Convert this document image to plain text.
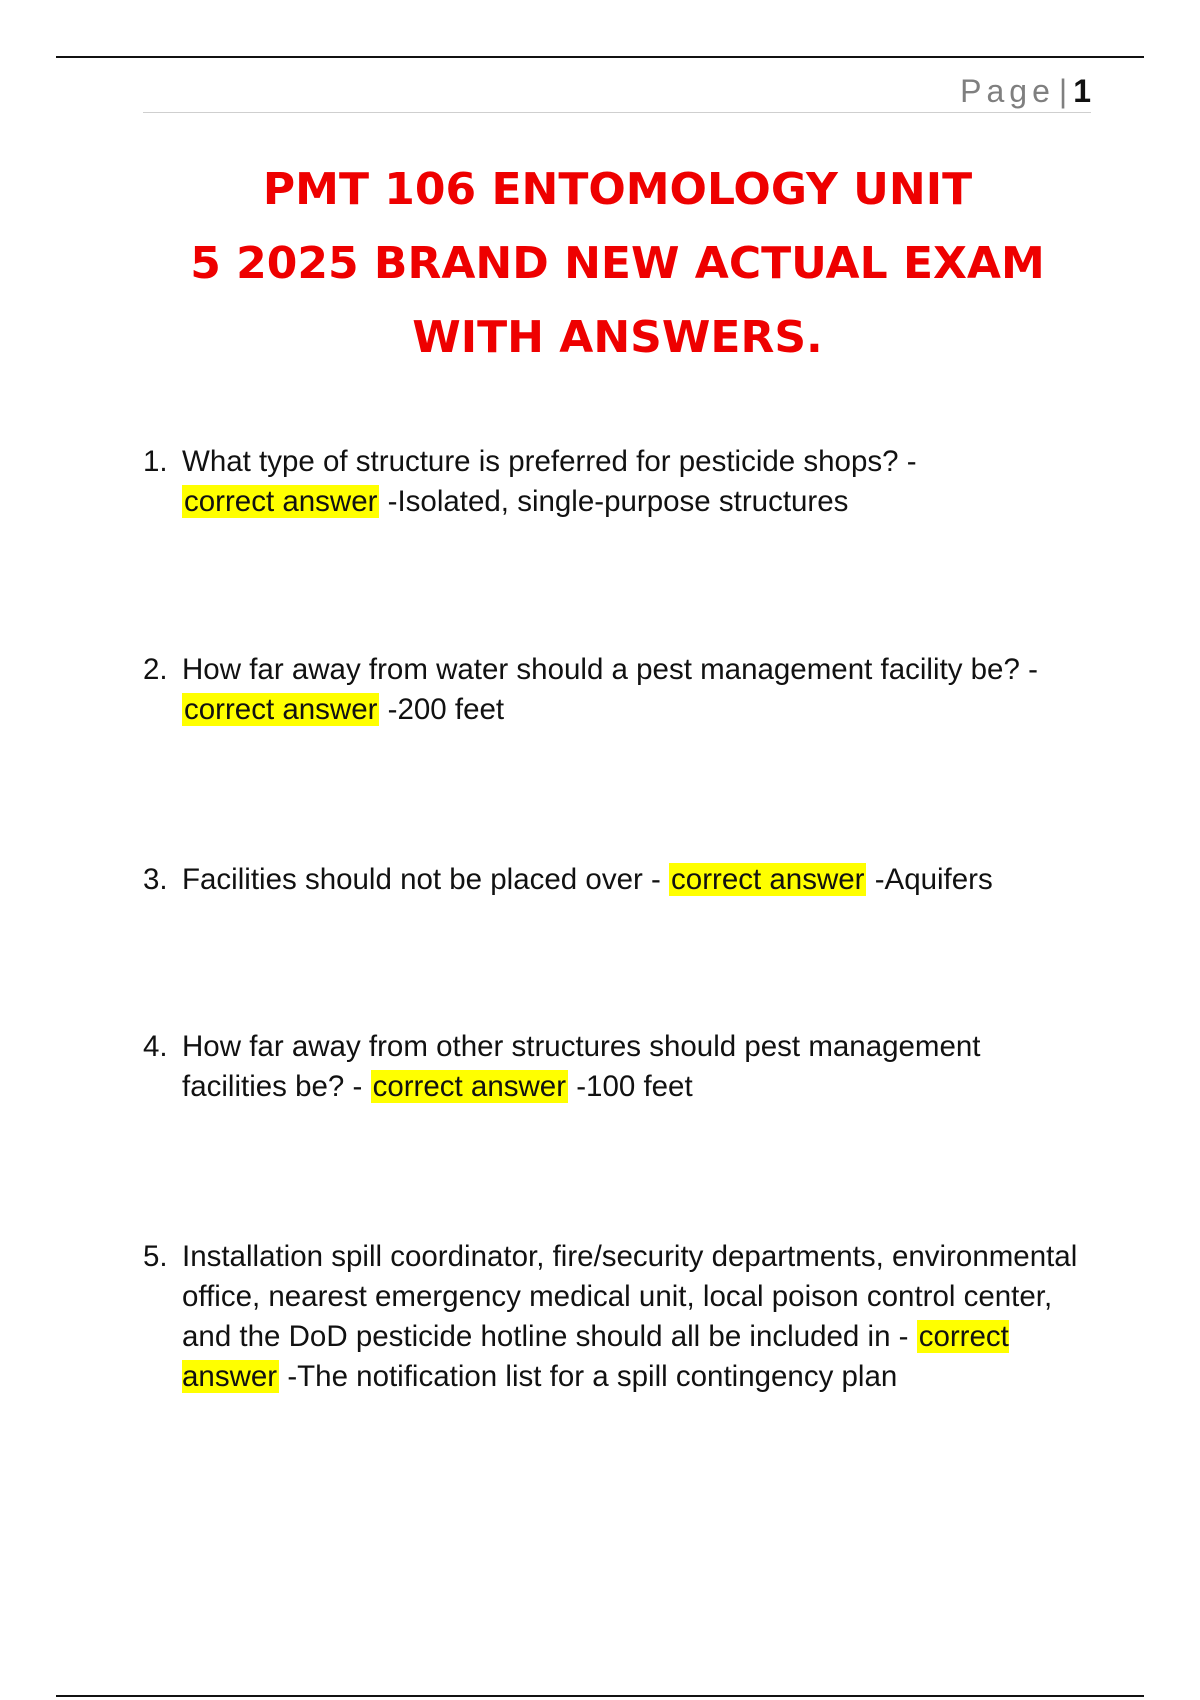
Page | 1
PMT 106 ENTOMOLOGY UNIT
5 2025 BRAND NEW ACTUAL EXAM
WITH ANSWERS.
1. What type of structure is preferred for pesticide shops? -
correct answer -Isolated, single-purpose structures
2. How far away from water should a pest management facility be? - correct answer -200 feet
3. Facilities should not be placed over - correct answer -Aquifers
4. How far away from other structures should pest management facilities be? - correct answer -100 feet
5. Installation spill coordinator, fire/security departments, environmental office, nearest emergency medical unit, local poison control center, and the DoD pesticide hotline should all be included in - correct answer -The notification list for a spill contingency plan
